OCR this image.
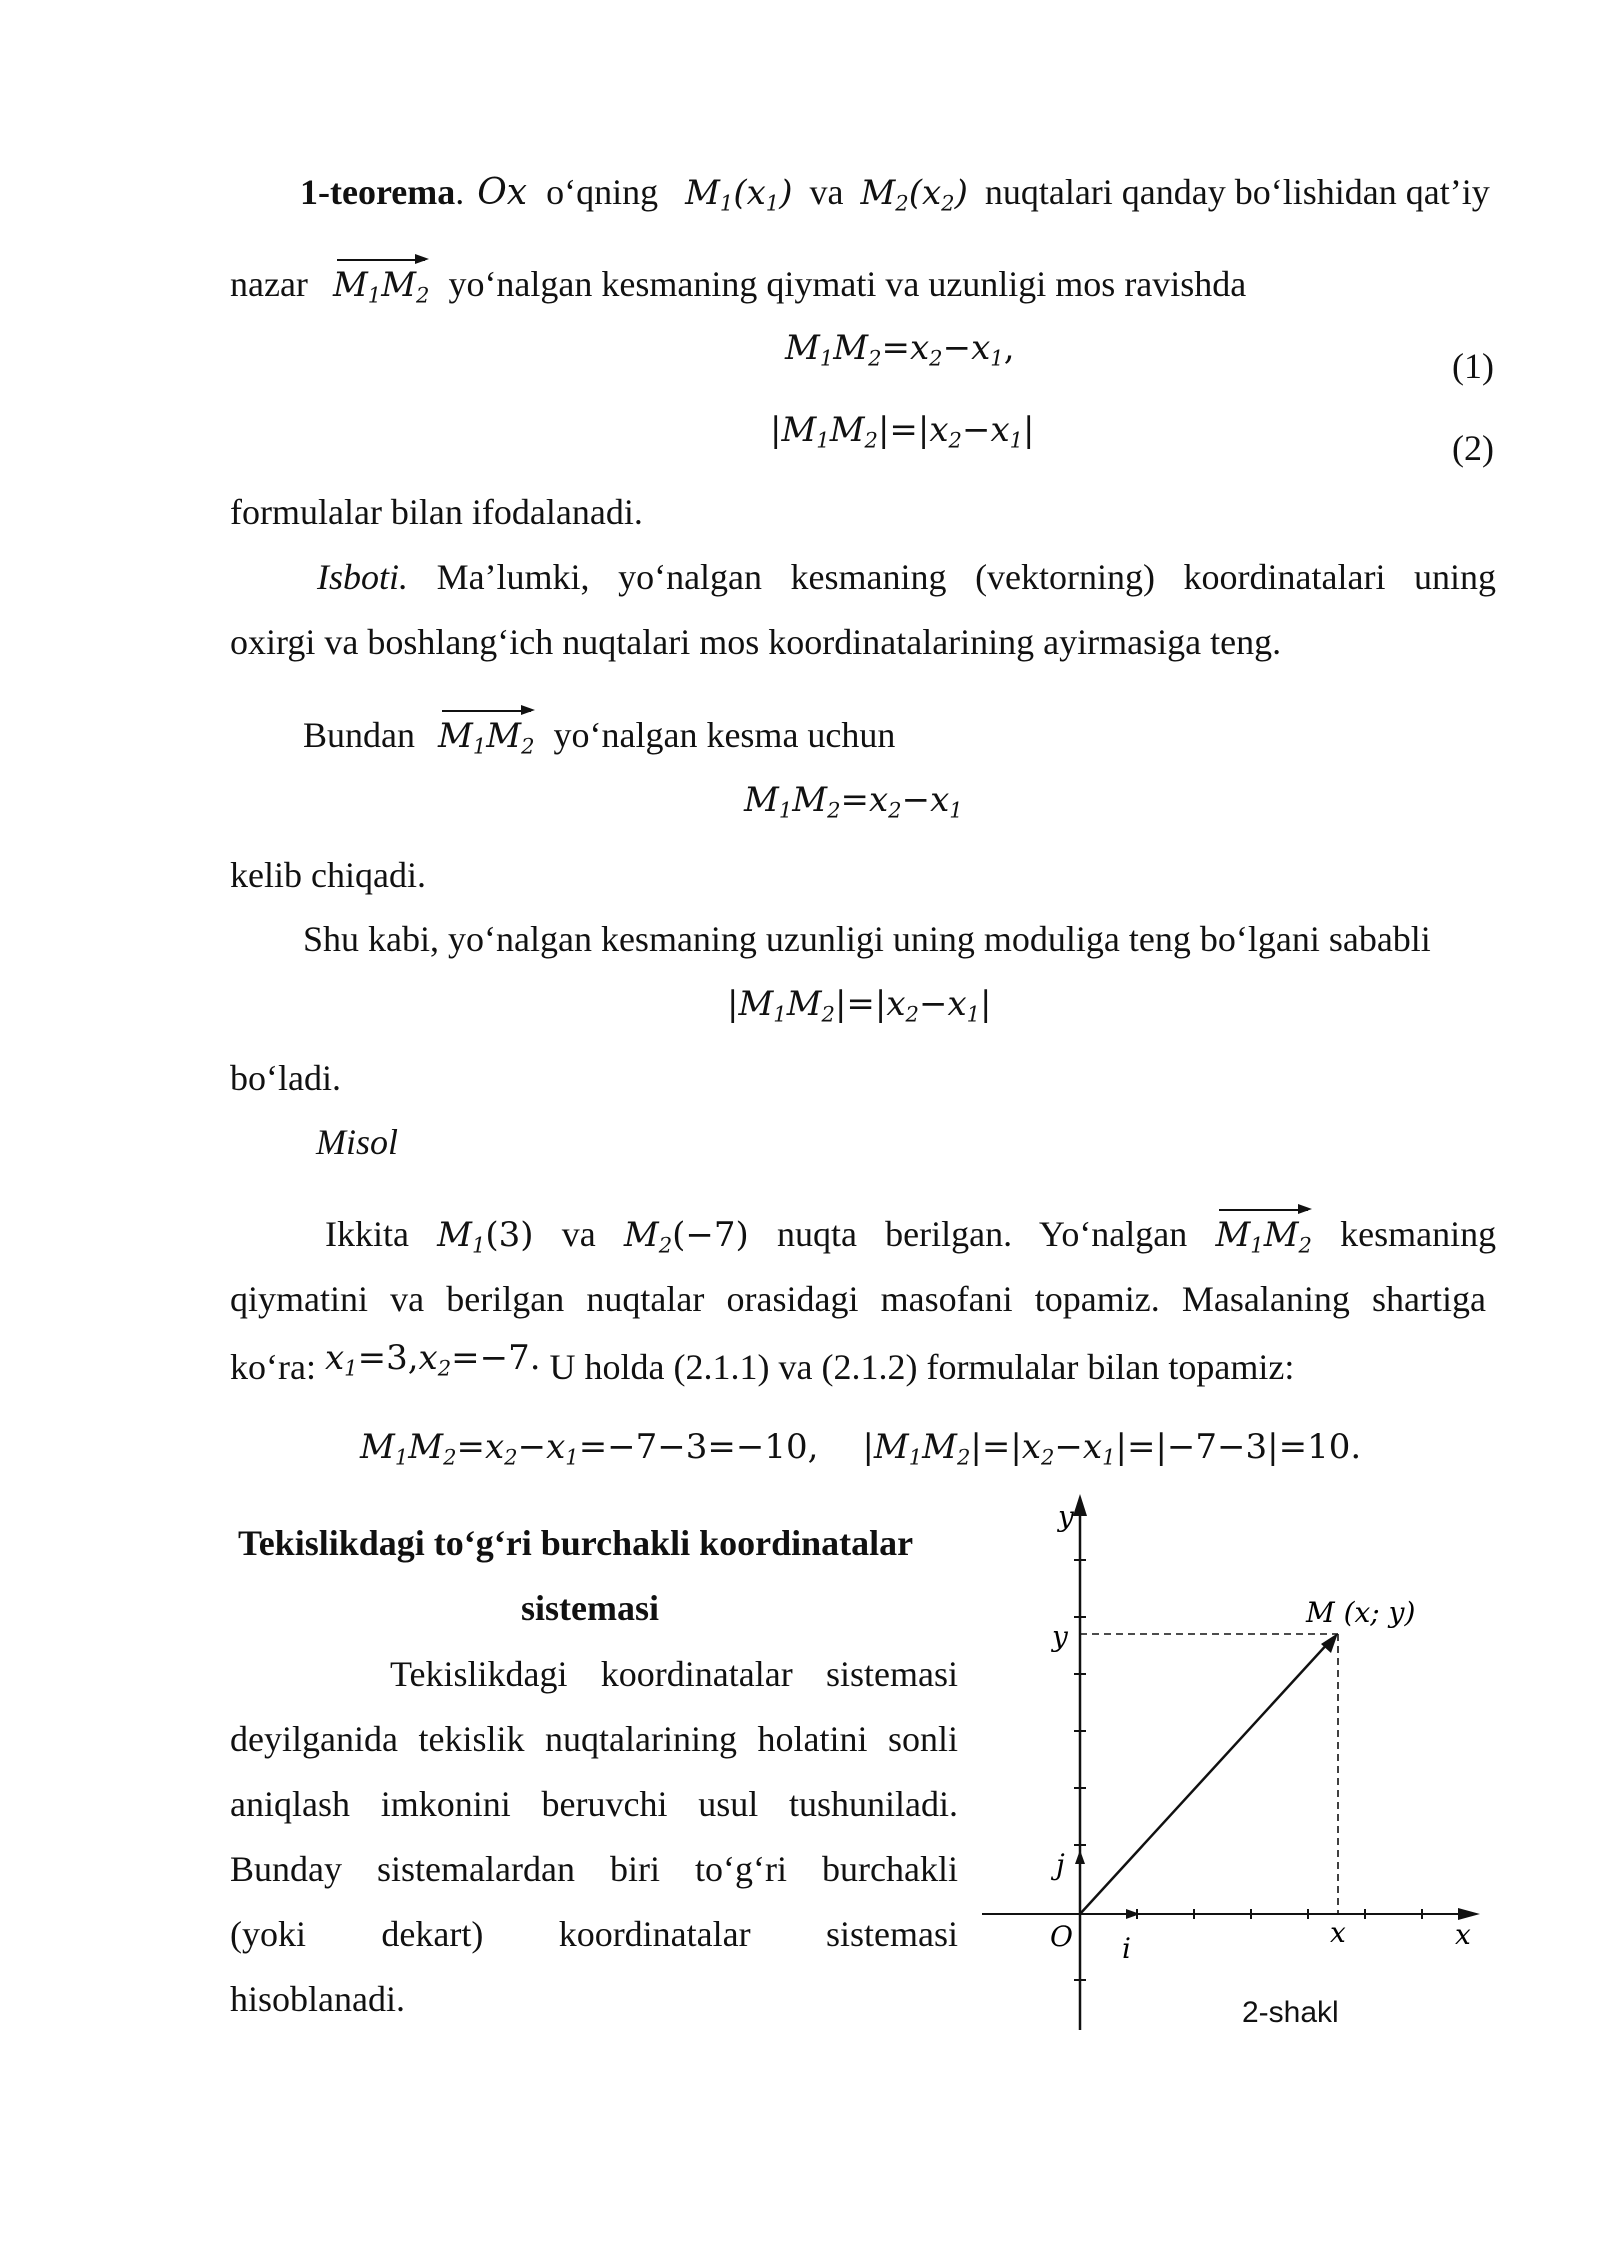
1-teorema. Ox o‘qning $M_1(x_1)$ va $M_2(x_2)$ nuqtalari qanday bo‘lishidan qat’iy
nazar $M_1M_2$ yo‘nalgan kesmaning qiymati va uzunligi mos ravishda
$M_1M_2=x_2-x_1$,	(1)
$|M_1M_2|=|x_2-x_1|$	(2)
formulalar bilan ifodalanadi.
Isboti. Ma’lumki, yo‘nalgan kesmaning (vektorning) koordinatalari uning
oxirgi va boshlang‘ich nuqtalari mos koordinatalarining ayirmasiga teng.
Bundan $M_1M_2$ yo‘nalgan kesma uchun
$M_1M_2=x_2-x_1$
kelib chiqadi.
Shu kabi, yo‘nalgan kesmaning uzunligi uning moduliga teng bo‘lgani sababli
$|M_1M_2|=|x_2-x_1|$
bo‘ladi.
Misol
Ikkita $M_1(3)$ va $M_2(-7)$ nuqta berilgan. Yo‘nalgan $M_1M_2$ kesmaning
qiymatini va berilgan nuqtalar orasidagi masofani topamiz. Masalaning shartiga
ko‘ra: $x_1=3,x_2=-7$. U holda (2.1.1) va (2.1.2) formulalar bilan topamiz:
$M_1M_2=x_2-x_1=-7-3=-10$, $|M_1M_2|=|x_2-x_1|=|-7-3|=10$.
Tekislikdagi to‘g‘ri burchakli koordinatalar
sistemasi
Tekislikdagi koordinatalar sistemasi
deyilganida tekislik nuqtalarining holatini sonli
aniqlash imkonini beruvchi usul tushuniladi.
Bunday sistemalardan biri to‘g‘ri burchakli
(yoki dekart) koordinatalar sistemasi
hisoblanadi.
y
x
y
x
O i
j
M (x; y)
2-shakl
